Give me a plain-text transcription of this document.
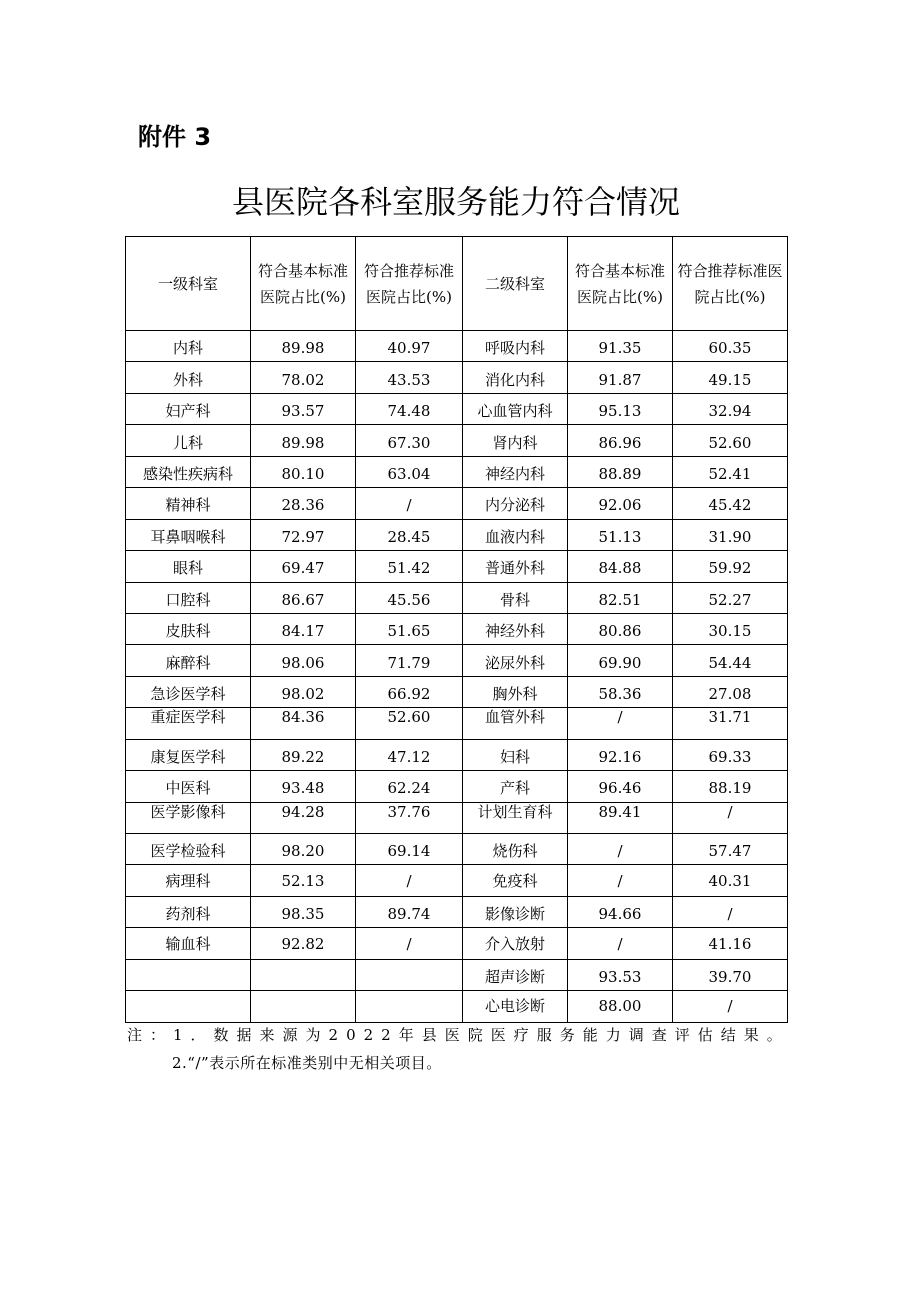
附件 3
县医院各科室服务能力符合情况
一级科室	符合基本标准医院占比(%)	符合推荐标准医院占比(%)	二级科室	符合基本标准医院占比(%)	符合推荐标准医院占比(%)
内科	89.98	40.97	呼吸内科	91.35	60.35
外科	78.02	43.53	消化内科	91.87	49.15
妇产科	93.57	74.48	心血管内科	95.13	32.94
儿科	89.98	67.30	肾内科	86.96	52.60
感染性疾病科	80.10	63.04	神经内科	88.89	52.41
精神科	28.36	/	内分泌科	92.06	45.42
耳鼻咽喉科	72.97	28.45	血液内科	51.13	31.90
眼科	69.47	51.42	普通外科	84.88	59.92
口腔科	86.67	45.56	骨科	82.51	52.27
皮肤科	84.17	51.65	神经外科	80.86	30.15
麻醉科	98.06	71.79	泌尿外科	69.90	54.44
急诊医学科	98.02	66.92	胸外科	58.36	27.08
重症医学科	84.36	52.60	血管外科	/	31.71
康复医学科	89.22	47.12	妇科	92.16	69.33
中医科	93.48	62.24	产科	96.46	88.19
医学影像科	94.28	37.76	计划生育科	89.41	/
医学检验科	98.20	69.14	烧伤科	/	57.47
病理科	52.13	/	免疫科	/	40.31
药剂科	98.35	89.74	影像诊断	94.66	/
输血科	92.82	/	介入放射	/	41.16
			超声诊断	93.53	39.70
			心电诊断	88.00	/
注：1．数据来源为2022年县医院医疗服务能力调查评估结果。
2.“/”表示所在标准类别中无相关项目。
